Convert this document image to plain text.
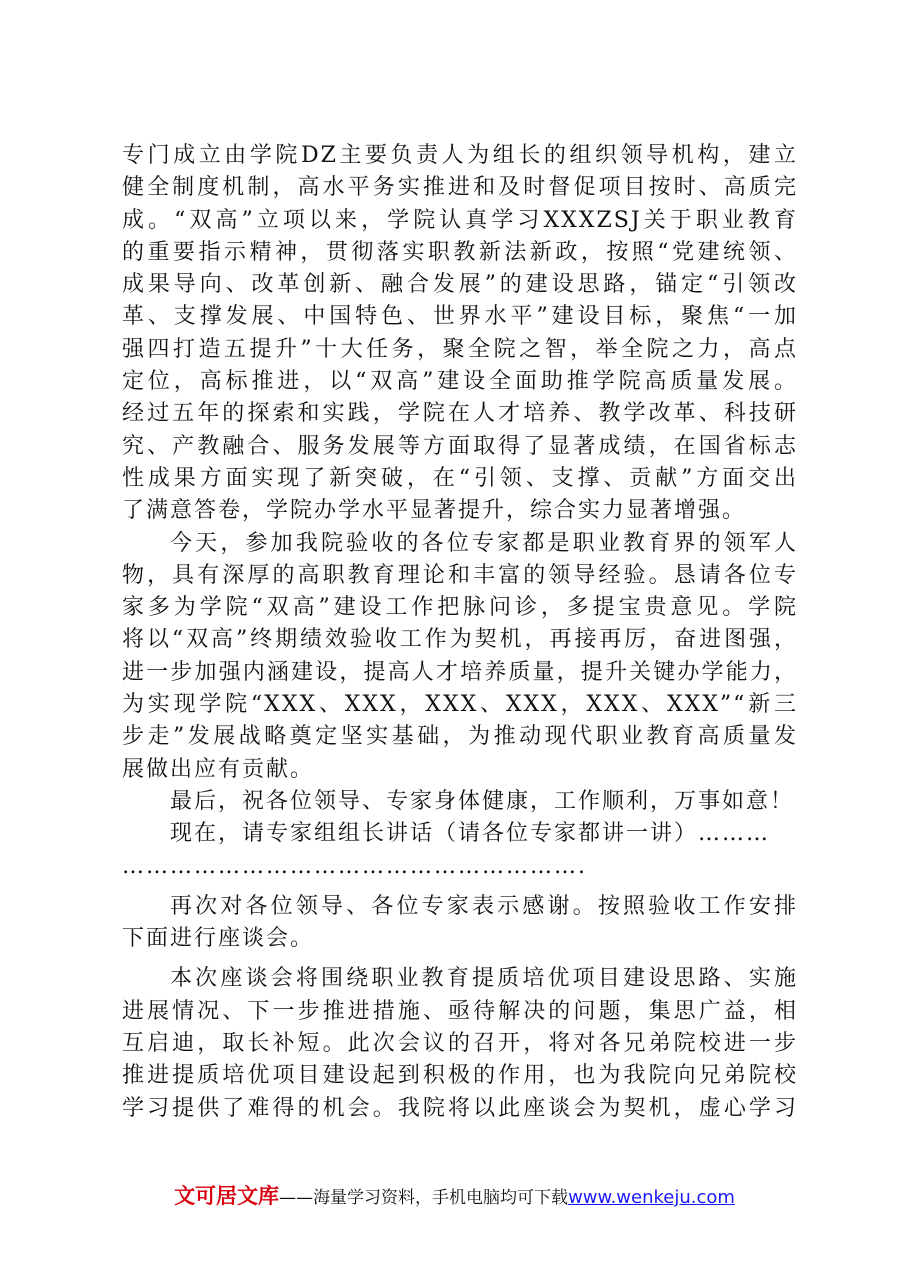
专门成立由学院DZ主要负责人为组长的组织领导机构，建立
健全制度机制，高水平务实推进和及时督促项目按时、高质完
成。“双高”立项以来，学院认真学习XXXZSJ关于职业教育
的重要指示精神，贯彻落实职教新法新政，按照“党建统领、
成果导向、改革创新、融合发展”的建设思路，锚定“引领改
革、支撑发展、中国特色、世界水平”建设目标，聚焦“一加
强四打造五提升”十大任务，聚全院之智，举全院之力，高点
定位，高标推进，以“双高”建设全面助推学院高质量发展。
经过五年的探索和实践，学院在人才培养、教学改革、科技研
究、产教融合、服务发展等方面取得了显著成绩，在国省标志
性成果方面实现了新突破，在“引领、支撑、贡献”方面交出
了满意答卷，学院办学水平显著提升，综合实力显著增强。
今天，参加我院验收的各位专家都是职业教育界的领军人
物，具有深厚的高职教育理论和丰富的领导经验。恳请各位专
家多为学院“双高”建设工作把脉问诊，多提宝贵意见。学院
将以“双高”终期绩效验收工作为契机，再接再厉，奋进图强，
进一步加强内涵建设，提高人才培养质量，提升关键办学能力，
为实现学院“XXX、XXX，XXX、XXX，XXX、XXX”“新三
步走”发展战略奠定坚实基础，为推动现代职业教育高质量发
展做出应有贡献。
最后，祝各位领导、专家身体健康，工作顺利，万事如意！
现在，请专家组组长讲话（请各位专家都讲一讲）………
………………………………………………….
再次对各位领导、各位专家表示感谢。按照验收工作安排
下面进行座谈会。
本次座谈会将围绕职业教育提质培优项目建设思路、实施
进展情况、下一步推进措施、亟待解决的问题，集思广益，相
互启迪，取长补短。此次会议的召开，将对各兄弟院校进一步
推进提质培优项目建设起到积极的作用，也为我院向兄弟院校
学习提供了难得的机会。我院将以此座谈会为契机，虚心学习
文可居文库——海量学习资料，手机电脑均可下载www.wenkeju.com
